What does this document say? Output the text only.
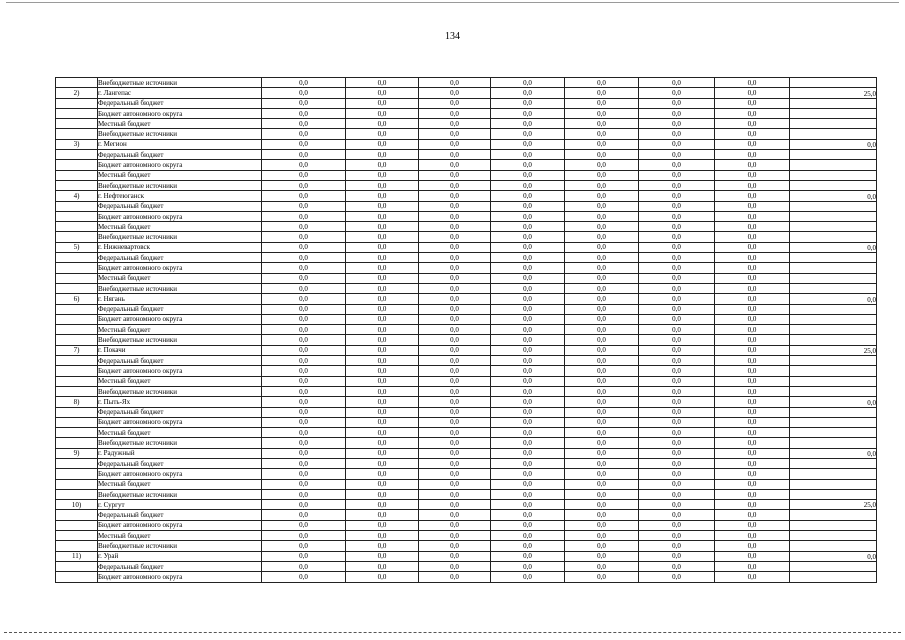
134
	Внебюджетные источники	0,0	0,0	0,0	0,0	0,0	0,0	0,0	
2)	г. Лангепас	0,0	0,0	0,0	0,0	0,0	0,0	0,0	25,0
	Федеральный бюджет	0,0	0,0	0,0	0,0	0,0	0,0	0,0	
	Бюджет автономного округа	0,0	0,0	0,0	0,0	0,0	0,0	0,0	
	Местный бюджет	0,0	0,0	0,0	0,0	0,0	0,0	0,0	
	Внебюджетные источники	0,0	0,0	0,0	0,0	0,0	0,0	0,0	
3)	г. Мегион	0,0	0,0	0,0	0,0	0,0	0,0	0,0	0,0
	Федеральный бюджет	0,0	0,0	0,0	0,0	0,0	0,0	0,0	
	Бюджет автономного округа	0,0	0,0	0,0	0,0	0,0	0,0	0,0	
	Местный бюджет	0,0	0,0	0,0	0,0	0,0	0,0	0,0	
	Внебюджетные источники	0,0	0,0	0,0	0,0	0,0	0,0	0,0	
4)	г. Нефтеюганск	0,0	0,0	0,0	0,0	0,0	0,0	0,0	0,0
	Федеральный бюджет	0,0	0,0	0,0	0,0	0,0	0,0	0,0	
	Бюджет автономного округа	0,0	0,0	0,0	0,0	0,0	0,0	0,0	
	Местный бюджет	0,0	0,0	0,0	0,0	0,0	0,0	0,0	
	Внебюджетные источники	0,0	0,0	0,0	0,0	0,0	0,0	0,0	
5)	г. Нижневартовск	0,0	0,0	0,0	0,0	0,0	0,0	0,0	0,0
	Федеральный бюджет	0,0	0,0	0,0	0,0	0,0	0,0	0,0	
	Бюджет автономного округа	0,0	0,0	0,0	0,0	0,0	0,0	0,0	
	Местный бюджет	0,0	0,0	0,0	0,0	0,0	0,0	0,0	
	Внебюджетные источники	0,0	0,0	0,0	0,0	0,0	0,0	0,0	
6)	г. Нягань	0,0	0,0	0,0	0,0	0,0	0,0	0,0	0,0
	Федеральный бюджет	0,0	0,0	0,0	0,0	0,0	0,0	0,0	
	Бюджет автономного округа	0,0	0,0	0,0	0,0	0,0	0,0	0,0	
	Местный бюджет	0,0	0,0	0,0	0,0	0,0	0,0	0,0	
	Внебюджетные источники	0,0	0,0	0,0	0,0	0,0	0,0	0,0	
7)	г. Покачи	0,0	0,0	0,0	0,0	0,0	0,0	0,0	25,0
	Федеральный бюджет	0,0	0,0	0,0	0,0	0,0	0,0	0,0	
	Бюджет автономного округа	0,0	0,0	0,0	0,0	0,0	0,0	0,0	
	Местный бюджет	0,0	0,0	0,0	0,0	0,0	0,0	0,0	
	Внебюджетные источники	0,0	0,0	0,0	0,0	0,0	0,0	0,0	
8)	г. Пыть-Ях	0,0	0,0	0,0	0,0	0,0	0,0	0,0	0,0
	Федеральный бюджет	0,0	0,0	0,0	0,0	0,0	0,0	0,0	
	Бюджет автономного округа	0,0	0,0	0,0	0,0	0,0	0,0	0,0	
	Местный бюджет	0,0	0,0	0,0	0,0	0,0	0,0	0,0	
	Внебюджетные источники	0,0	0,0	0,0	0,0	0,0	0,0	0,0	
9)	г. Радужный	0,0	0,0	0,0	0,0	0,0	0,0	0,0	0,0
	Федеральный бюджет	0,0	0,0	0,0	0,0	0,0	0,0	0,0	
	Бюджет автономного округа	0,0	0,0	0,0	0,0	0,0	0,0	0,0	
	Местный бюджет	0,0	0,0	0,0	0,0	0,0	0,0	0,0	
	Внебюджетные источники	0,0	0,0	0,0	0,0	0,0	0,0	0,0	
10)	г. Сургут	0,0	0,0	0,0	0,0	0,0	0,0	0,0	25,0
	Федеральный бюджет	0,0	0,0	0,0	0,0	0,0	0,0	0,0	
	Бюджет автономного округа	0,0	0,0	0,0	0,0	0,0	0,0	0,0	
	Местный бюджет	0,0	0,0	0,0	0,0	0,0	0,0	0,0	
	Внебюджетные источники	0,0	0,0	0,0	0,0	0,0	0,0	0,0	
11)	г. Урай	0,0	0,0	0,0	0,0	0,0	0,0	0,0	0,0
	Федеральный бюджет	0,0	0,0	0,0	0,0	0,0	0,0	0,0	
	Бюджет автономного округа	0,0	0,0	0,0	0,0	0,0	0,0	0,0	
